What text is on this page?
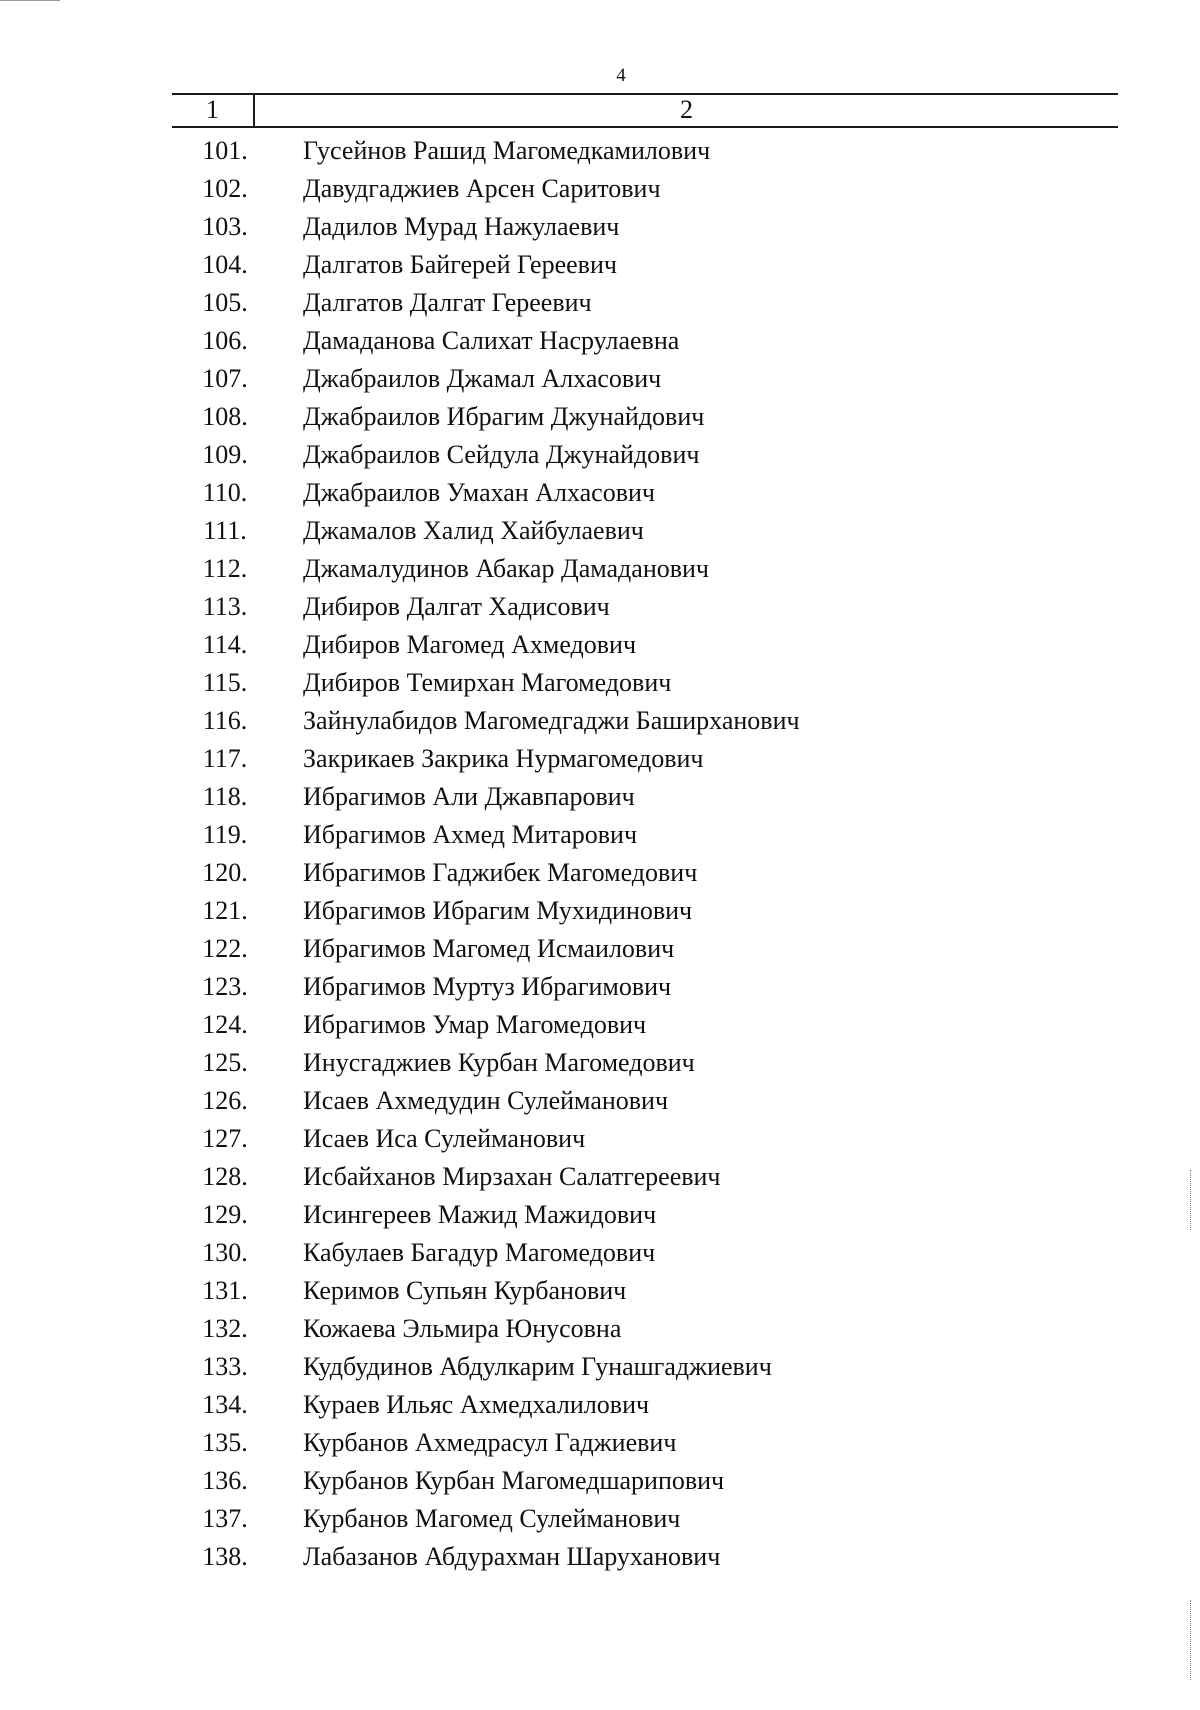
4
1	2
101.	Гусейнов Рашид Магомедкамилович
102.	Давудгаджиев Арсен Саритович
103.	Дадилов Мурад Нажулаевич
104.	Далгатов Байгерей Гереевич
105.	Далгатов Далгат Гереевич
106.	Дамаданова Салихат Насрулаевна
107.	Джабраилов Джамал Алхасович
108.	Джабраилов Ибрагим Джунайдович
109.	Джабраилов Сейдула Джунайдович
110.	Джабраилов Умахан Алхасович
111.	Джамалов Халид Хайбулаевич
112.	Джамалудинов Абакар Дамаданович
113.	Дибиров Далгат Хадисович
114.	Дибиров Магомед Ахмедович
115.	Дибиров Темирхан Магомедович
116.	Зайнулабидов Магомедгаджи Баширханович
117.	Закрикаев Закрика Нурмагомедович
118.	Ибрагимов Али Джавпарович
119.	Ибрагимов Ахмед Митарович
120.	Ибрагимов Гаджибек Магомедович
121.	Ибрагимов Ибрагим Мухидинович
122.	Ибрагимов Магомед Исмаилович
123.	Ибрагимов Муртуз Ибрагимович
124.	Ибрагимов Умар Магомедович
125.	Инусгаджиев Курбан Магомедович
126.	Исаев Ахмедудин Сулейманович
127.	Исаев Иса Сулейманович
128.	Исбайханов Мирзахан Салатгереевич
129.	Исингереев Мажид Мажидович
130.	Кабулаев Багадур Магомедович
131.	Керимов Супьян Курбанович
132.	Кожаева Эльмира Юнусовна
133.	Кудбудинов Абдулкарим Гунашгаджиевич
134.	Кураев Ильяс Ахмедхалилович
135.	Курбанов Ахмедрасул Гаджиевич
136.	Курбанов Курбан Магомедшарипович
137.	Курбанов Магомед Сулейманович
138.	Лабазанов Абдурахман Шаруханович
